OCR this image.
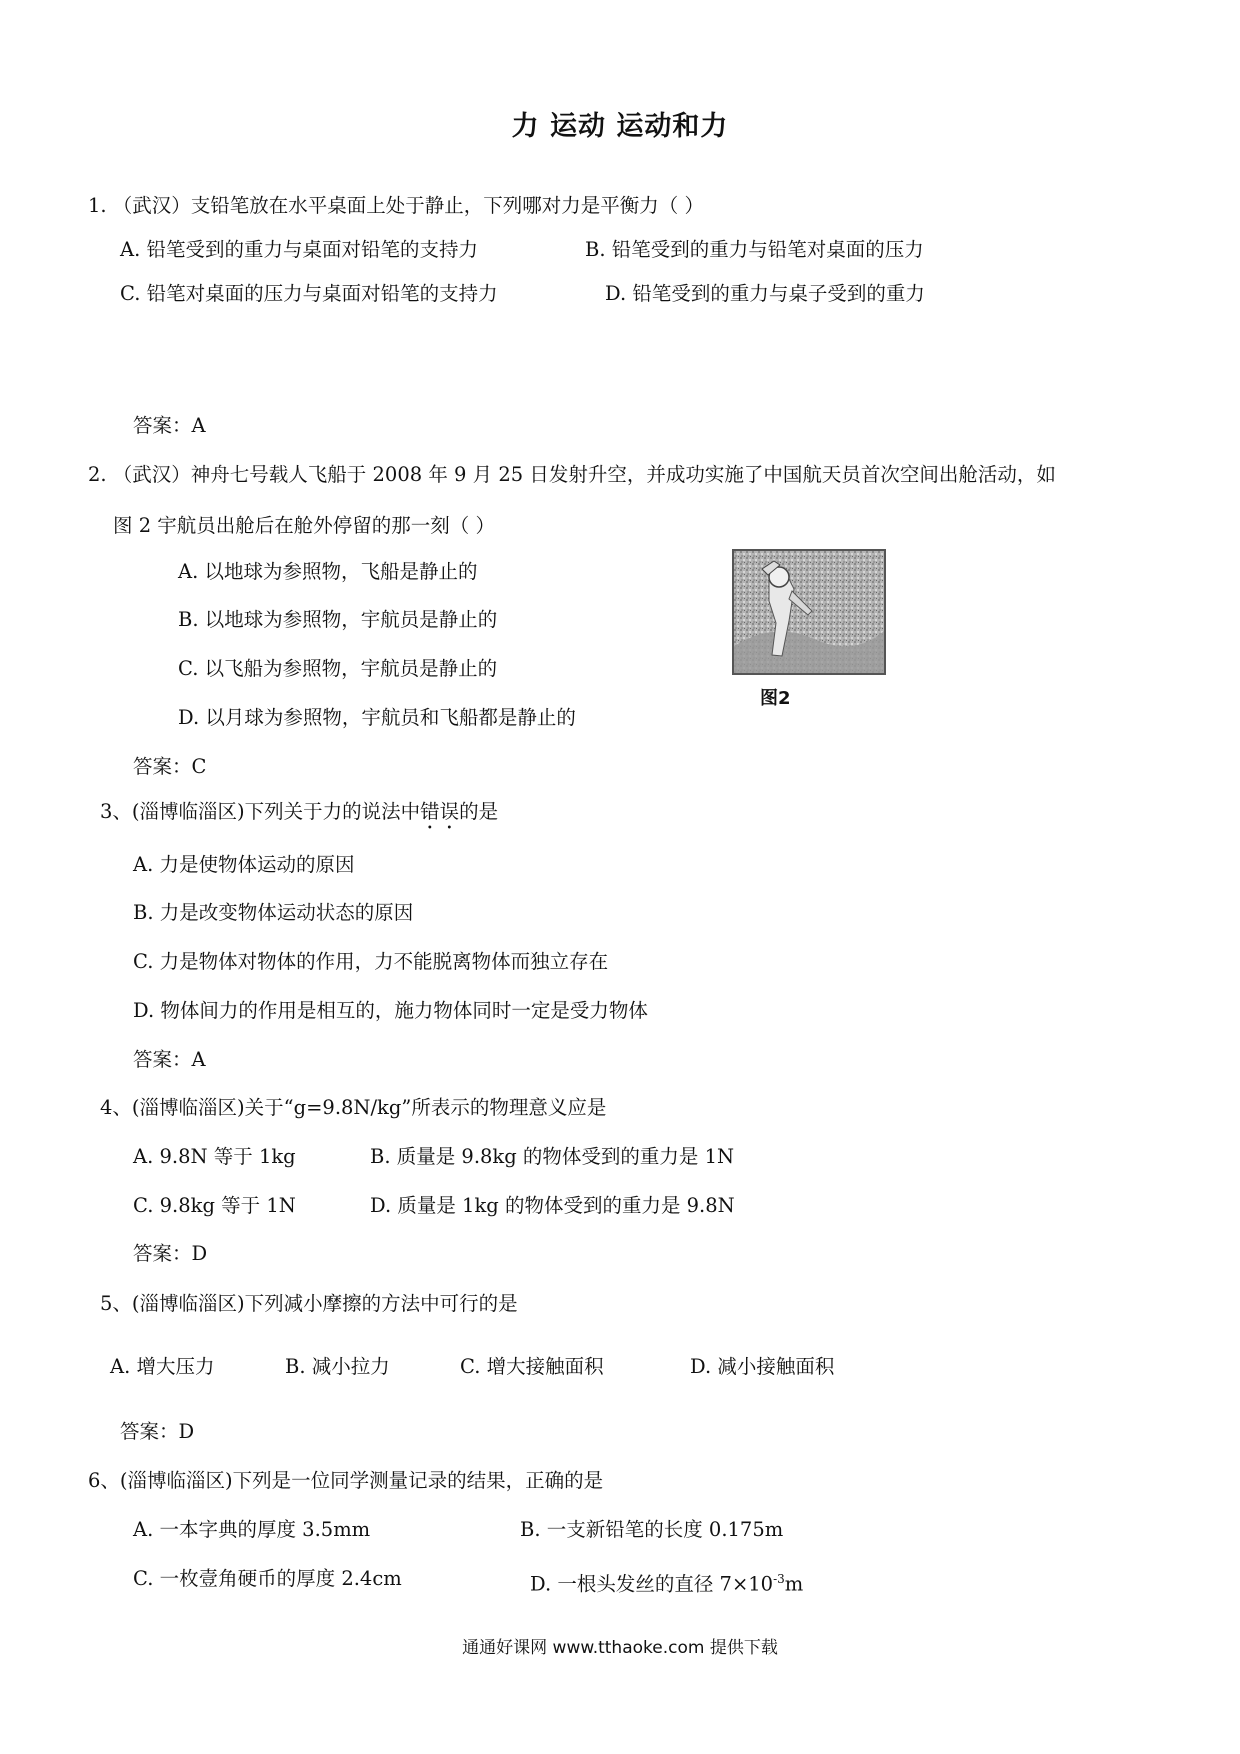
力 运动 运动和力
1. （武汉）支铅笔放在水平桌面上处于静止，下列哪对力是平衡力（ ）
A. 铅笔受到的重力与桌面对铅笔的支持力	B. 铅笔受到的重力与铅笔对桌面的压力
C. 铅笔对桌面的压力与桌面对铅笔的支持力	D. 铅笔受到的重力与桌子受到的重力
答案：A
2. （武汉）神舟七号载人飞船于 2008 年 9 月 25 日发射升空，并成功实施了中国航天员首次空间出舱活动，如
图 2 宇航员出舱后在舱外停留的那一刻（ ）
A. 以地球为参照物，飞船是静止的
B. 以地球为参照物，宇航员是静止的
C. 以飞船为参照物，宇航员是静止的
D. 以月球为参照物，宇航员和飞船都是静止的
图2
答案：C
3、(淄博临淄区)下列关于力的说法中错误的是
A. 力是使物体运动的原因
B. 力是改变物体运动状态的原因
C. 力是物体对物体的作用，力不能脱离物体而独立存在
D. 物体间力的作用是相互的，施力物体同时一定是受力物体
答案：A
4、(淄博临淄区)关于“g=9.8N/kg”所表示的物理意义应是
A. 9.8N 等于 1kg	B. 质量是 9.8kg 的物体受到的重力是 1N
C. 9.8kg 等于 1N	D. 质量是 1kg 的物体受到的重力是 9.8N
答案：D
5、(淄博临淄区)下列减小摩擦的方法中可行的是
A. 增大压力	B. 减小拉力	C. 增大接触面积	D. 减小接触面积
答案：D
6、(淄博临淄区)下列是一位同学测量记录的结果，正确的是
A. 一本字典的厚度 3.5mm	B. 一支新铅笔的长度 0.175m
C. 一枚壹角硬币的厚度 2.4cm	D. 一根头发丝的直径 $7\times 10^{-3}m$
通通好课网 www.tthaoke.com 提供下载
